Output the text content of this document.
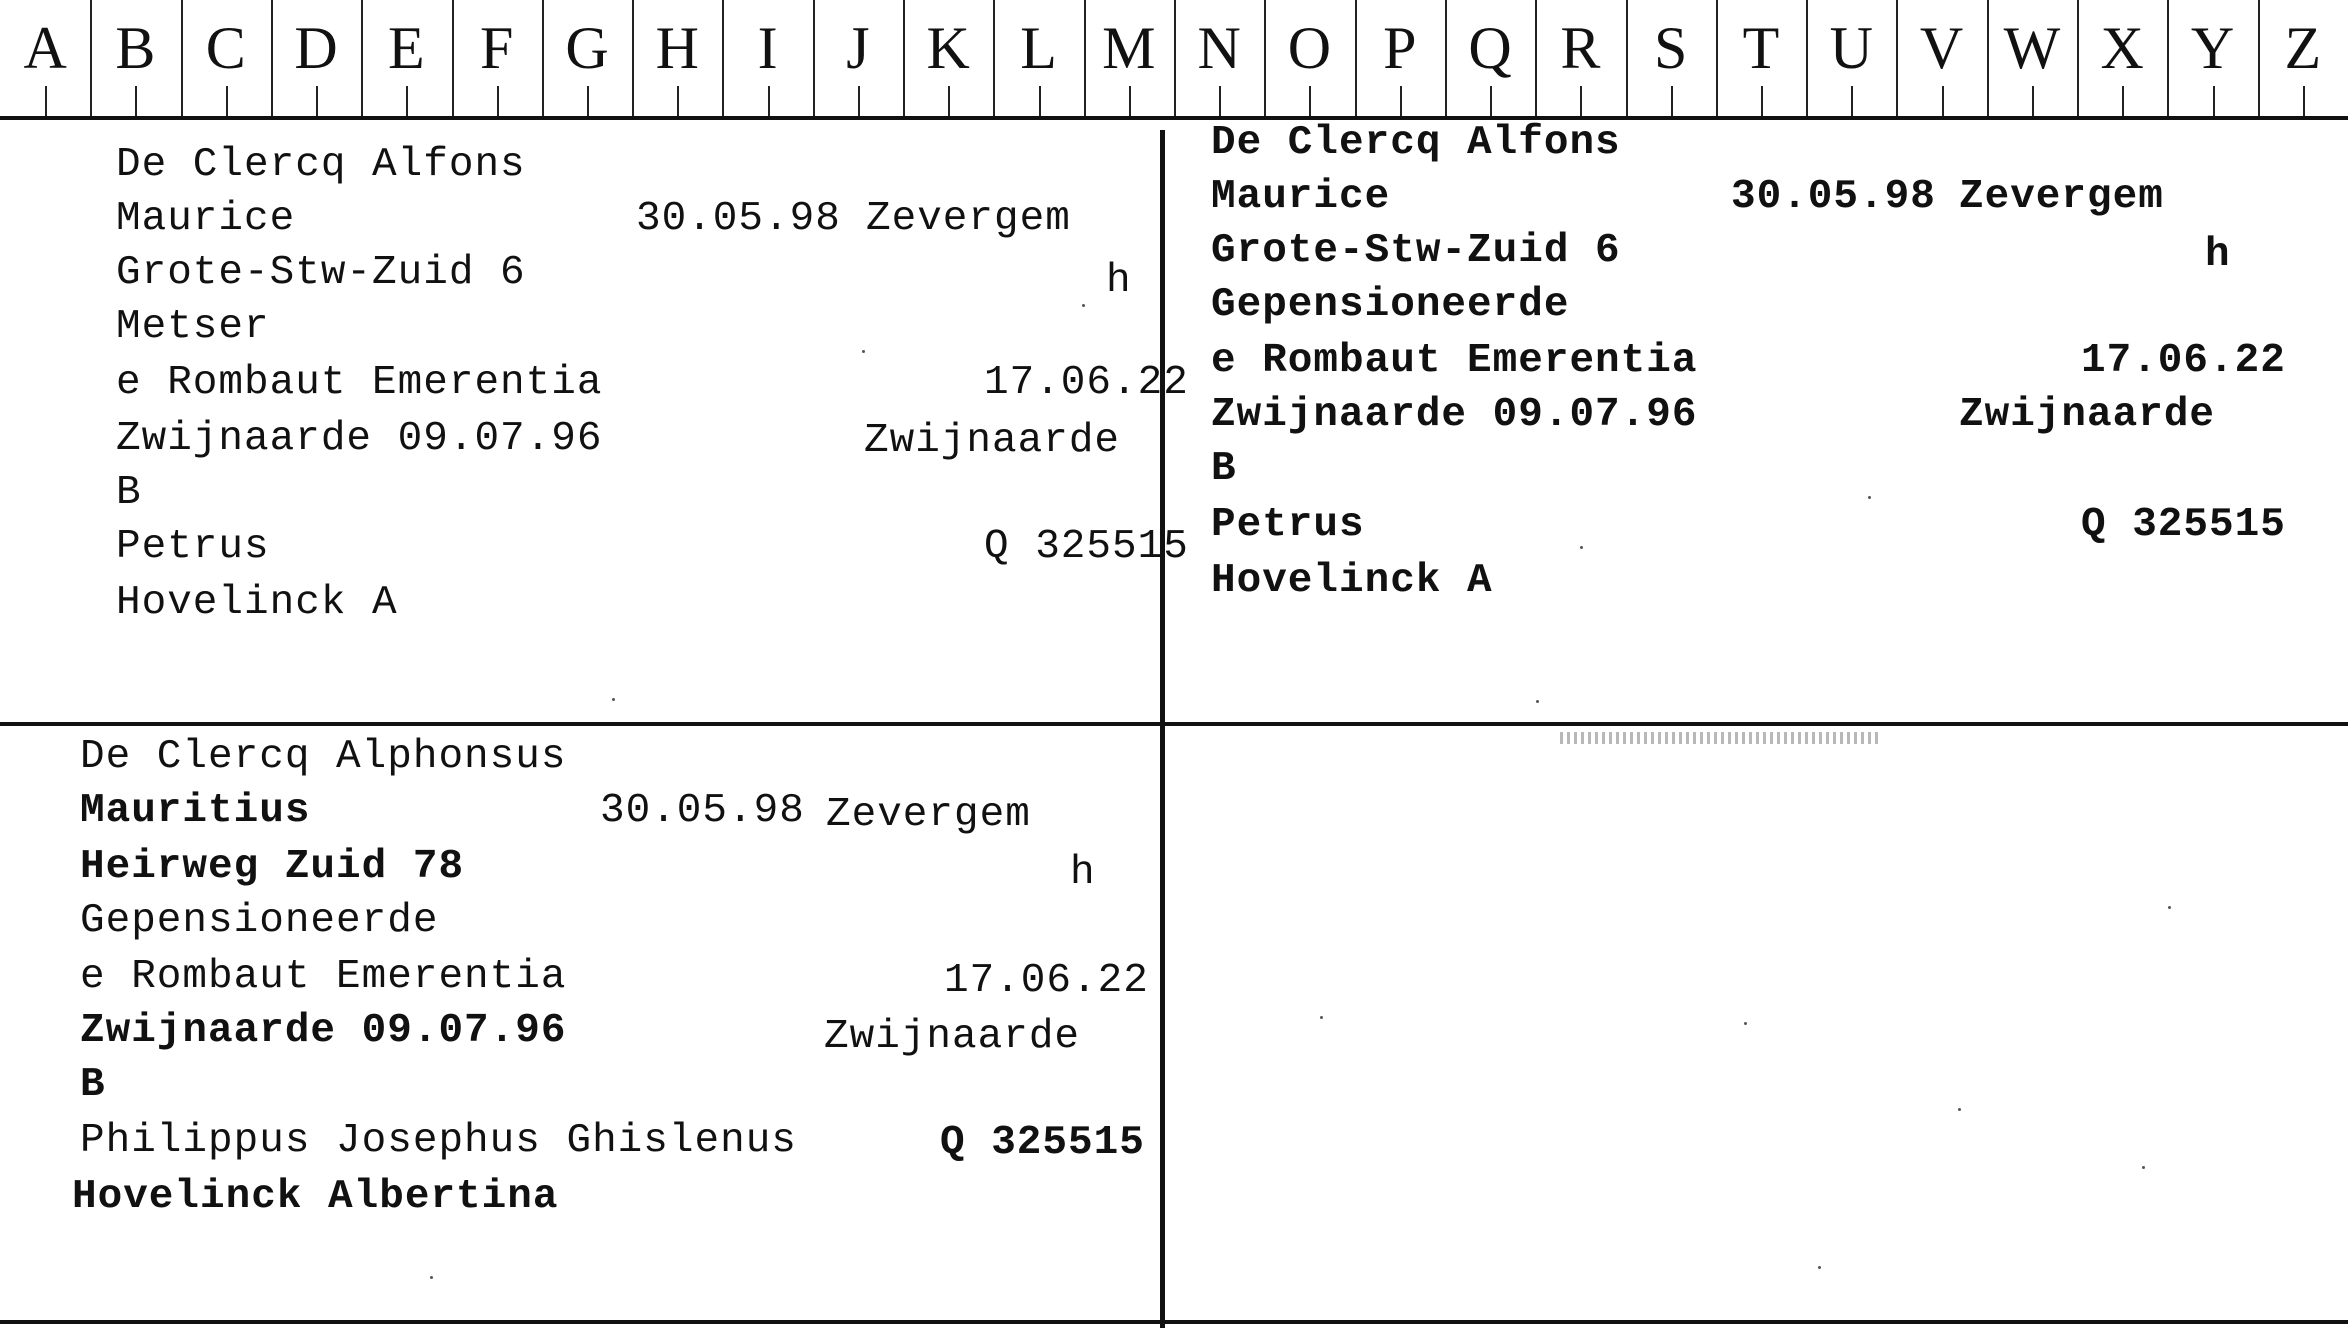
A B C D E F G H I	J K L M N O P Q R S T U V W X Y Z
De Clercq Alfons
Maurice	30.05.98 Zevergem
Grote-Stw-Zuid 6	h
Metser
e Rombaut Emerentia	17.06.22
Zwijnaarde 09.07.96	Zwijnaarde
B
Petrus	Q 325515
Hovelinck A
De Clercq Alfons
Maurice	30.05.98 Zevergem
Grote-Stw-Zuid 6	h
Gepensioneerde
e Rombaut Emerentia	17.06.22
Zwijnaarde 09.07.96	Zwijnaarde
B
Petrus	Q 325515
Hovelinck A
De Clercq Alphonsus
Mauritius	30.05.98 Zevergem
Heirweg Zuid 78	h
Gepensioneerde
e Rombaut Emerentia	17.06.22
Zwijnaarde 09.07.96	Zwijnaarde
B
Philippus Josephus Ghislenus	Q 325515
Hovelinck Albertina
